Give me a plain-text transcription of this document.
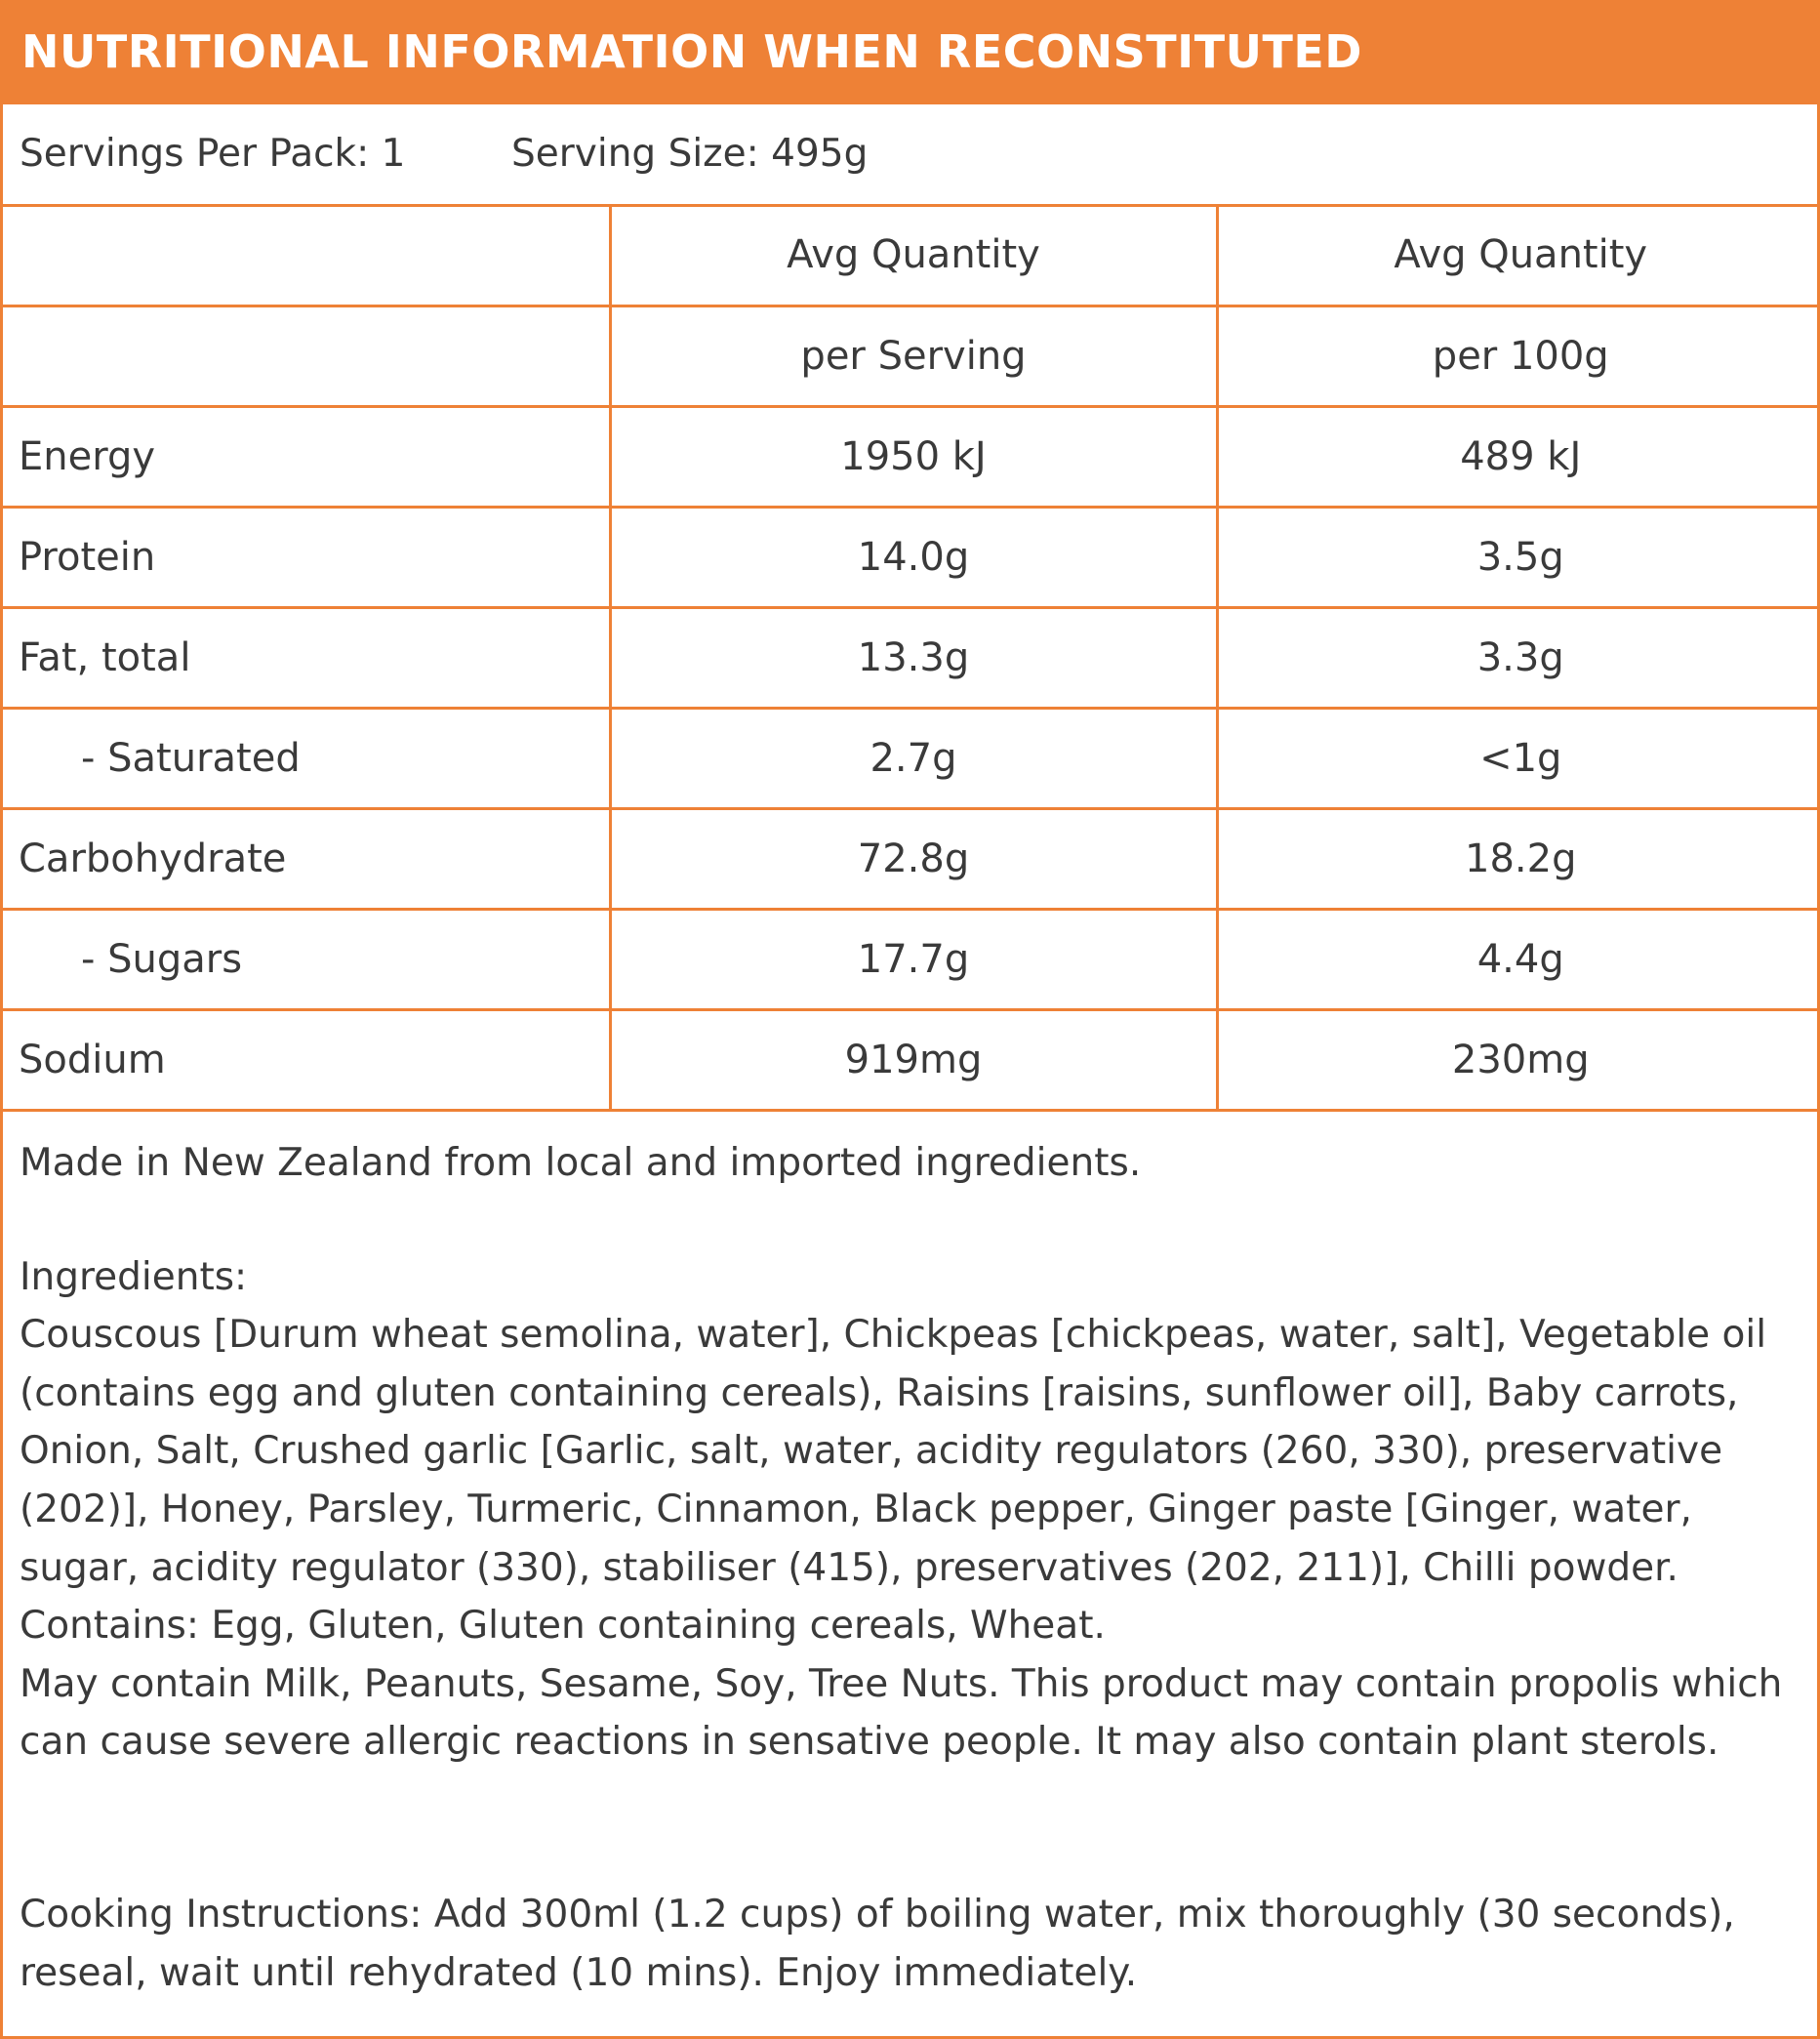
NUTRITIONAL INFORMATION WHEN RECONSTITUTED
Servings Per Pack: 1	Serving Size: 495g
	Avg Quantity	Avg Quantity
	per Serving	per 100g
Energy	1950 kJ	489 kJ
Protein	14.0g	3.5g
Fat, total	13.3g	3.3g
- Saturated	2.7g	<1g
Carbohydrate	72.8g	18.2g
- Sugars	17.7g	4.4g
Sodium	919mg	230mg

Made in New Zealand from local and imported ingredients.

Ingredients:

Couscous [Durum wheat semolina, water], Chickpeas [chickpeas, water, salt], Vegetable oil (contains egg and gluten containing cereals), Raisins [raisins, sunflower oil], Baby carrots, Onion, Salt, Crushed garlic [Garlic, salt, water, acidity regulators (260, 330), preservative (202)], Honey, Parsley, Turmeric, Cinnamon, Black pepper, Ginger paste [Ginger, water, sugar, acidity regulator (330), stabiliser (415), preservatives (202, 211)], Chilli powder.

Contains: Egg, Gluten, Gluten containing cereals, Wheat.

May contain Milk, Peanuts, Sesame, Soy, Tree Nuts. This product may contain propolis which can cause severe allergic reactions in sensative people. It may also contain plant sterols.

Cooking Instructions: Add 300ml (1.2 cups) of boiling water, mix thoroughly (30 seconds), reseal, wait until rehydrated (10 mins). Enjoy immediately.
